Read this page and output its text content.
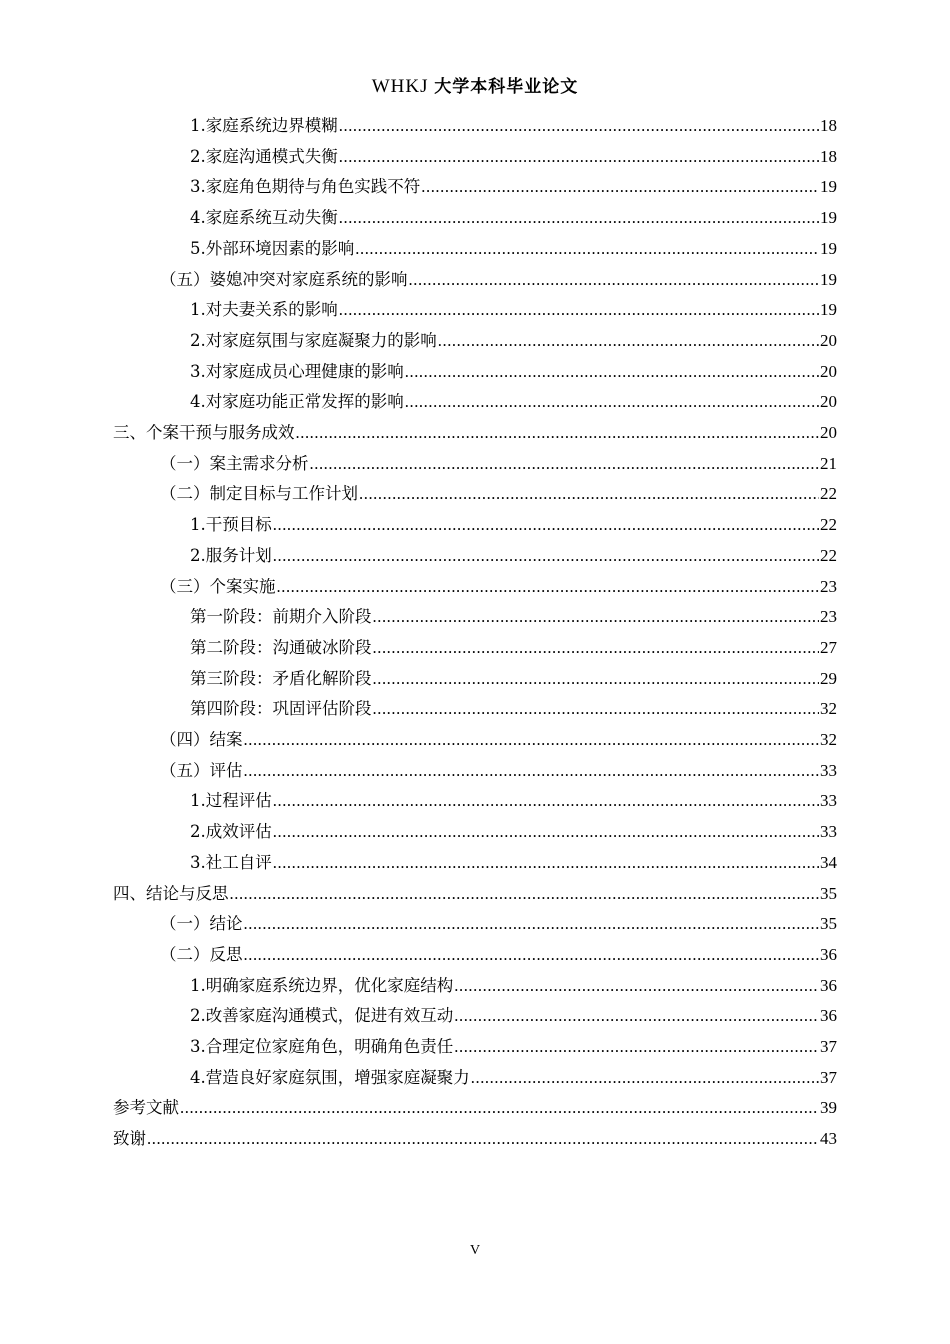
WHKJ 大学本科毕业论文
1.家庭系统边界模糊 .....	18
2.家庭沟通模式失衡 .....	18
3.家庭角色期待与角色实践不符 .....	19
4.家庭系统互动失衡 .....	19
5.外部环境因素的影响 .....	19
（五）婆媳冲突对家庭系统的影响 .....	19
1.对夫妻关系的影响 .....	19
2.对家庭氛围与家庭凝聚力的影响 .....	20
3.对家庭成员心理健康的影响 .....	20
4.对家庭功能正常发挥的影响 .....	20
三、 个案干预与服务成效 .....	20
（一）案主需求分析 .....	21
（二）制定目标与工作计划 .....	22
1.干预目标 .....	22
2.服务计划 .....	22
（三）个案实施 .....	23
第一阶段：前期介入阶段 .....	23
第二阶段：沟通破冰阶段 .....	27
第三阶段：矛盾化解阶段 .....	29
第四阶段：巩固评估阶段 .....	32
（四）结案 .....	32
（五）评估 .....	33
1.过程评估 .....	33
2.成效评估 .....	33
3.社工自评 .....	34
四、 结论与反思 .....	35
（一）结论 .....	35
（二）反思 .....	36
1.明确家庭系统边界，优化家庭结构 .....	36
2.改善家庭沟通模式，促进有效互动 .....	36
3.合理定位家庭角色，明确角色责任 .....	37
4.营造良好家庭氛围，增强家庭凝聚力 .....	37
参考文献 .....	39
致谢 .....	43
V
